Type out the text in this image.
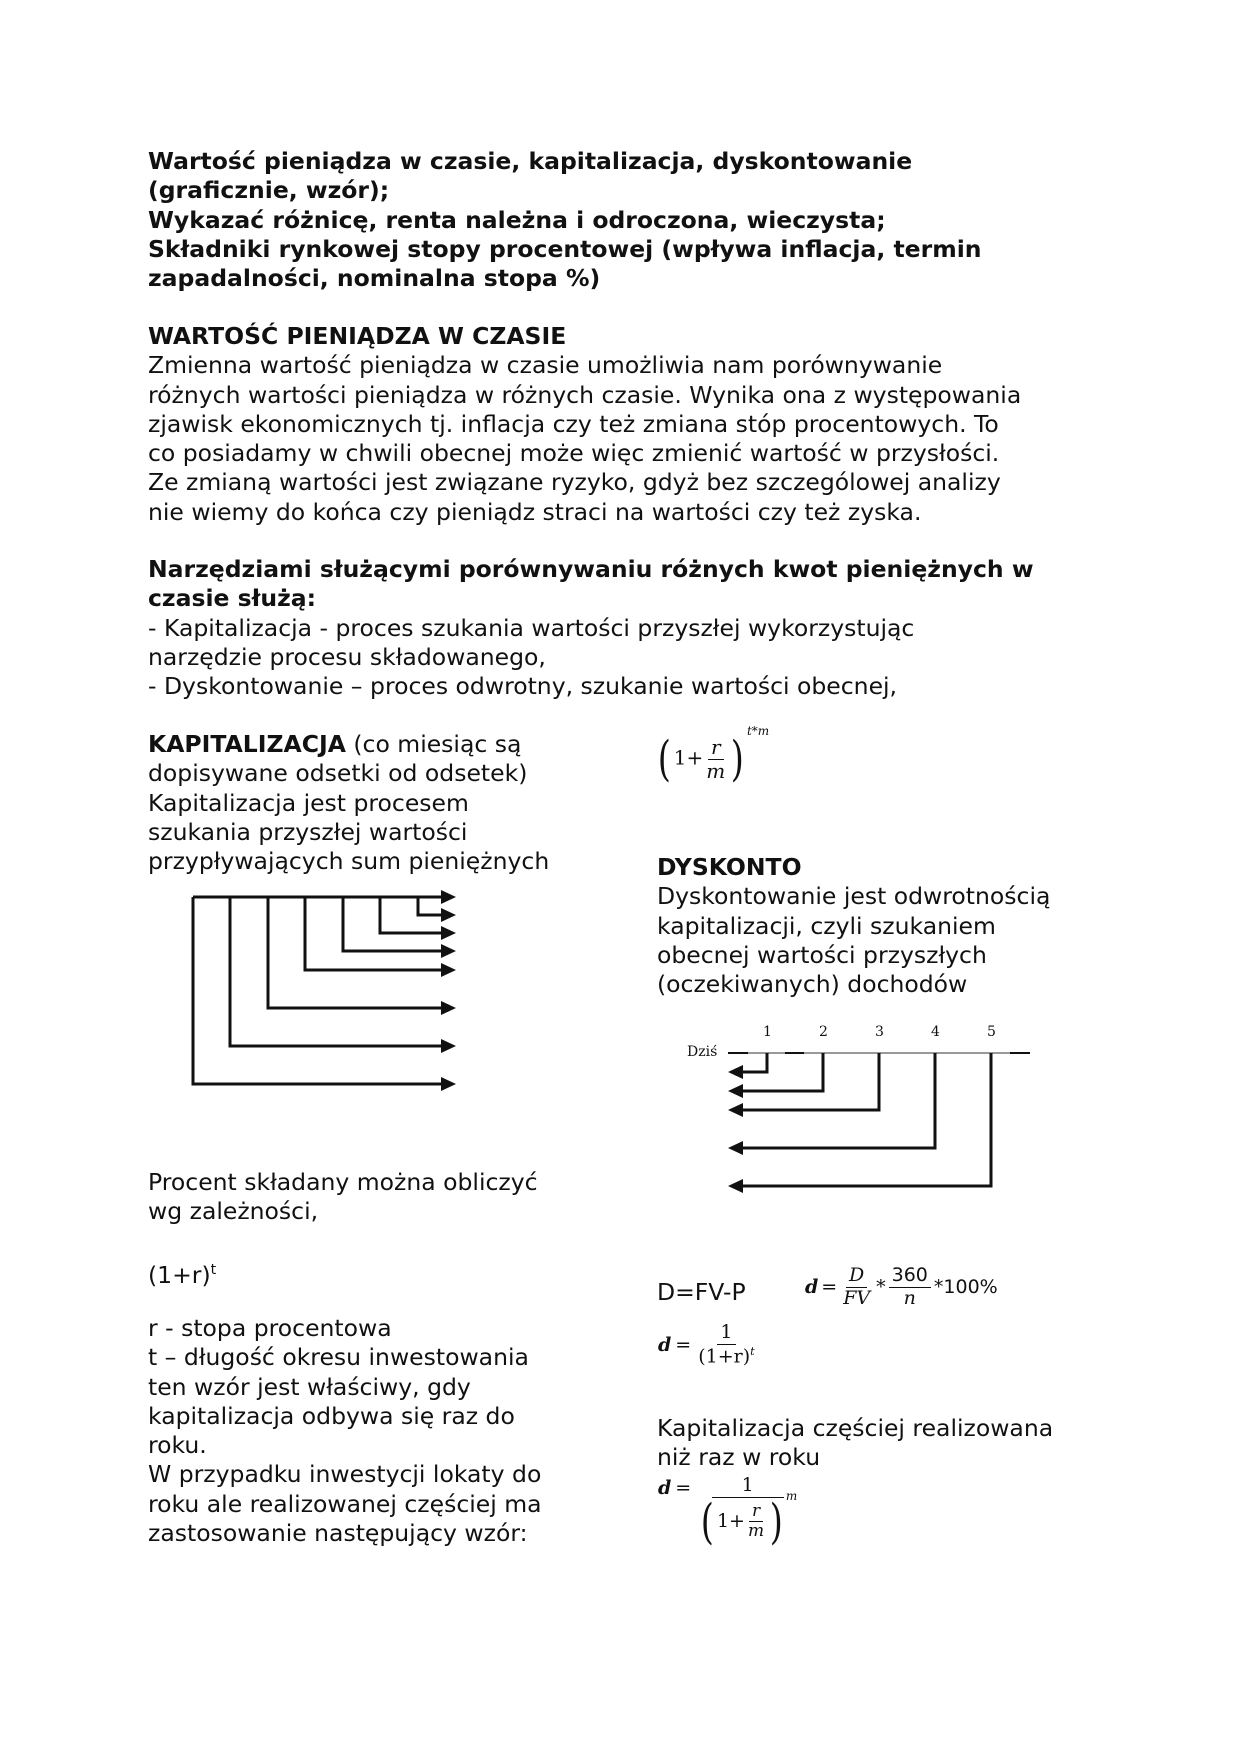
Wartość pieniądza w czasie, kapitalizacja, dyskontowanie
(graficznie, wzór);
Wykazać różnicę, renta należna i odroczona, wieczysta;
Składniki rynkowej stopy procentowej (wpływa inflacja, termin
zapadalności, nominalna stopa %)
WARTOŚĆ PIENIĄDZA W CZASIE
Zmienna wartość pieniądza w czasie umożliwia nam porównywanie
różnych wartości pieniądza w różnych czasie. Wynika ona z występowania
zjawisk ekonomicznych tj. inflacja czy też zmiana stóp procentowych. To
co posiadamy w chwili obecnej może więc zmienić wartość w przysłości.
Ze zmianą wartości jest związane ryzyko, gdyż bez szczególowej analizy
nie wiemy do końca czy pieniądz straci na wartości czy też zyska.
Narzędziami służącymi porównywaniu różnych kwot pieniężnych w
czasie służą:
- Kapitalizacja - proces szukania wartości przyszłej wykorzystując
narzędzie procesu składowanego,
- Dyskontowanie – proces odwrotny, szukanie wartości obecnej,
KAPITALIZACJA (co miesiąc są
dopisywane odsetki od odsetek)
Kapitalizacja jest procesem
szukania przyszłej wartości
przypływających sum pieniężnych
( $1+ \frac{r}{m} )^{t*m}$
DYSKONTO
Dyskontowanie jest odwrotnością
kapitalizacji, czyli szukaniem
obecnej wartości przyszłych
(oczekiwanych) dochodów
Dziś
1	2	3	4	5
Procent składany można obliczyć
wg zależności,
$(1+r)^t$
r - stopa procentowa
t – długość okresu inwestowania
ten wzór jest właściwy, gdy
kapitalizacja odbywa się raz do
roku.
W przypadku inwestycji lokaty do
roku ale realizowanej częściej ma
zastosowanie następujący wzór:
D=FV-P	$d = \frac{D}{FV} * \frac{360}{n} *100\%$
$d = \frac{1}{(1+r)^t}$
Kapitalizacja częściej realizowana
niż raz w roku
$d = \frac{1}{( 1+ \frac{r}{m} ) ^m}$
